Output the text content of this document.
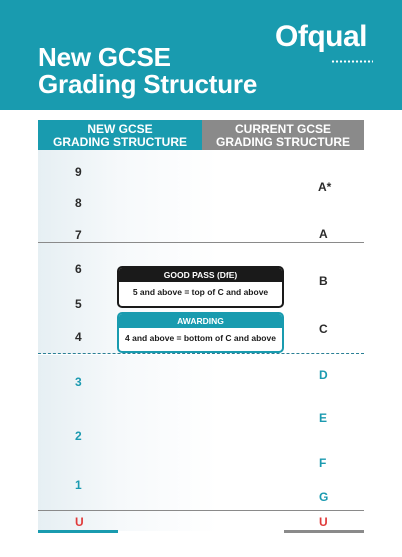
New GCSE
Grading Structure
Ofqual
NEW GCSE
GRADING STRUCTURE
CURRENT GCSE
GRADING STRUCTURE
9
8
7
6
5
4
3
2
1
U
A*
A
B
C
D
E
F
G
U
GOOD PASS (DfE)
5 and above = top of C and above
AWARDING
4 and above = bottom of C and above
